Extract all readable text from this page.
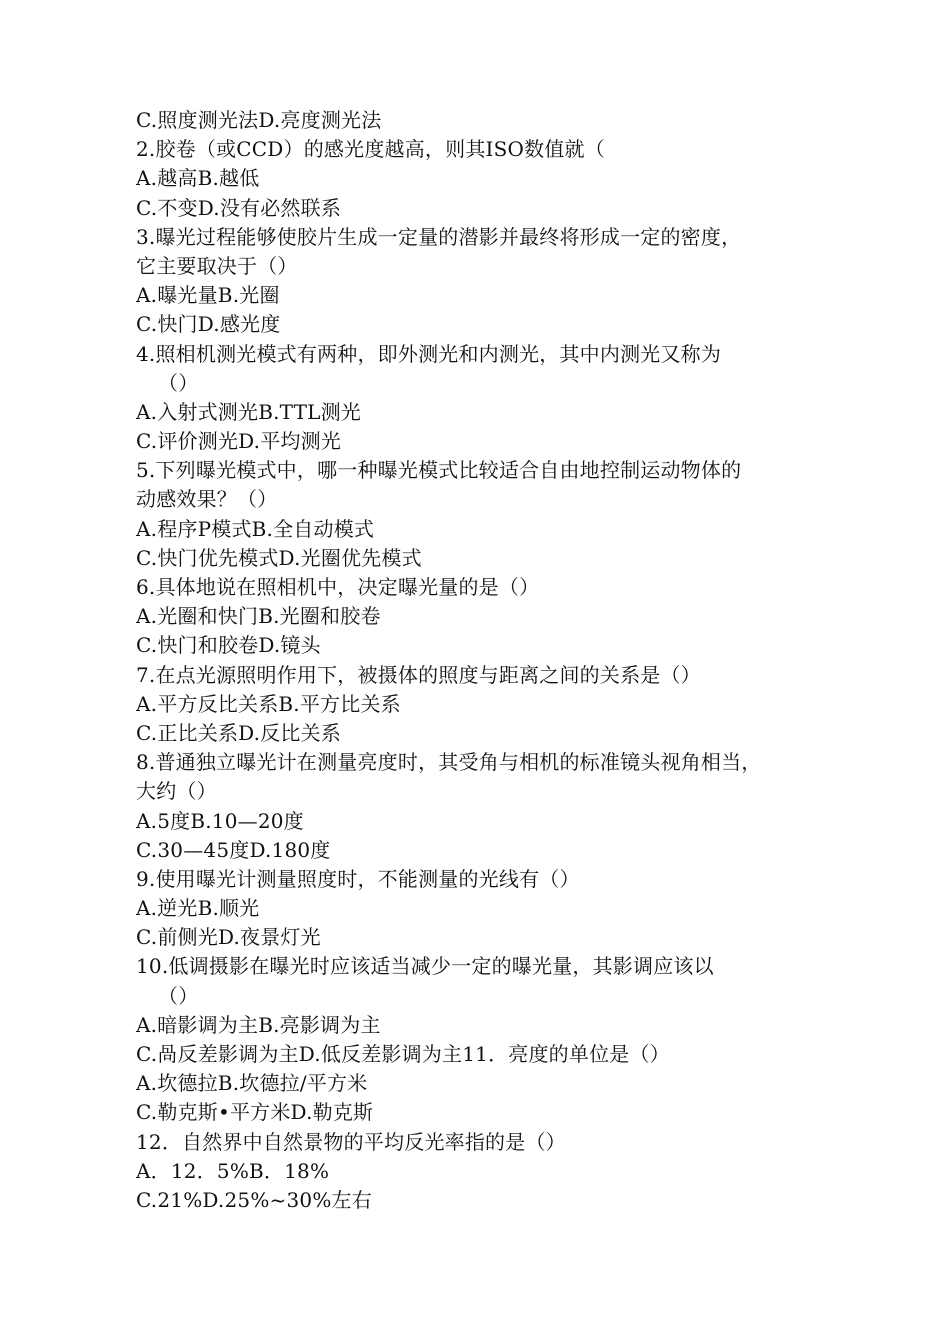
C.照度测光法D.亮度测光法
2.胶卷（或CCD）的感光度越高，则其ISO数值就（
A.越高B.越低
C.不变D.没有必然联系
3.曝光过程能够使胶片生成一定量的潜影并最终将形成一定的密度，
它主要取决于（）
A.曝光量B.光圈
C.快门D.感光度
4.照相机测光模式有两种，即外测光和内测光，其中内测光又称为
（）
A.入射式测光B.TTL测光
C.评价测光D.平均测光
5.下列曝光模式中，哪一种曝光模式比较适合自由地控制运动物体的
动感效果？（）
A.程序P模式B.全自动模式
C.快门优先模式D.光圈优先模式
6.具体地说在照相机中，决定曝光量的是（）
A.光圈和快门B.光圈和胶卷
C.快门和胶卷D.镜头
7.在点光源照明作用下，被摄体的照度与距离之间的关系是（）
A.平方反比关系B.平方比关系
C.正比关系D.反比关系
8.普通独立曝光计在测量亮度时，其受角与相机的标准镜头视角相当，
大约（）
A.5度B.10—20度
C.30—45度D.180度
9.使用曝光计测量照度时，不能测量的光线有（）
A.逆光B.顺光
C.前侧光D.夜景灯光
10.低调摄影在曝光时应该适当减少一定的曝光量，其影调应该以
（）
A.暗影调为主B.亮影调为主
C.咼反差影调为主D.低反差影调为主11．亮度的单位是（）
A.坎德拉B.坎德拉/平方米
C.勒克斯•平方米D.勒克斯
12．自然界中自然景物的平均反光率指的是（）
A．12．5%B．18%
C.21%D.25%~30%左右
